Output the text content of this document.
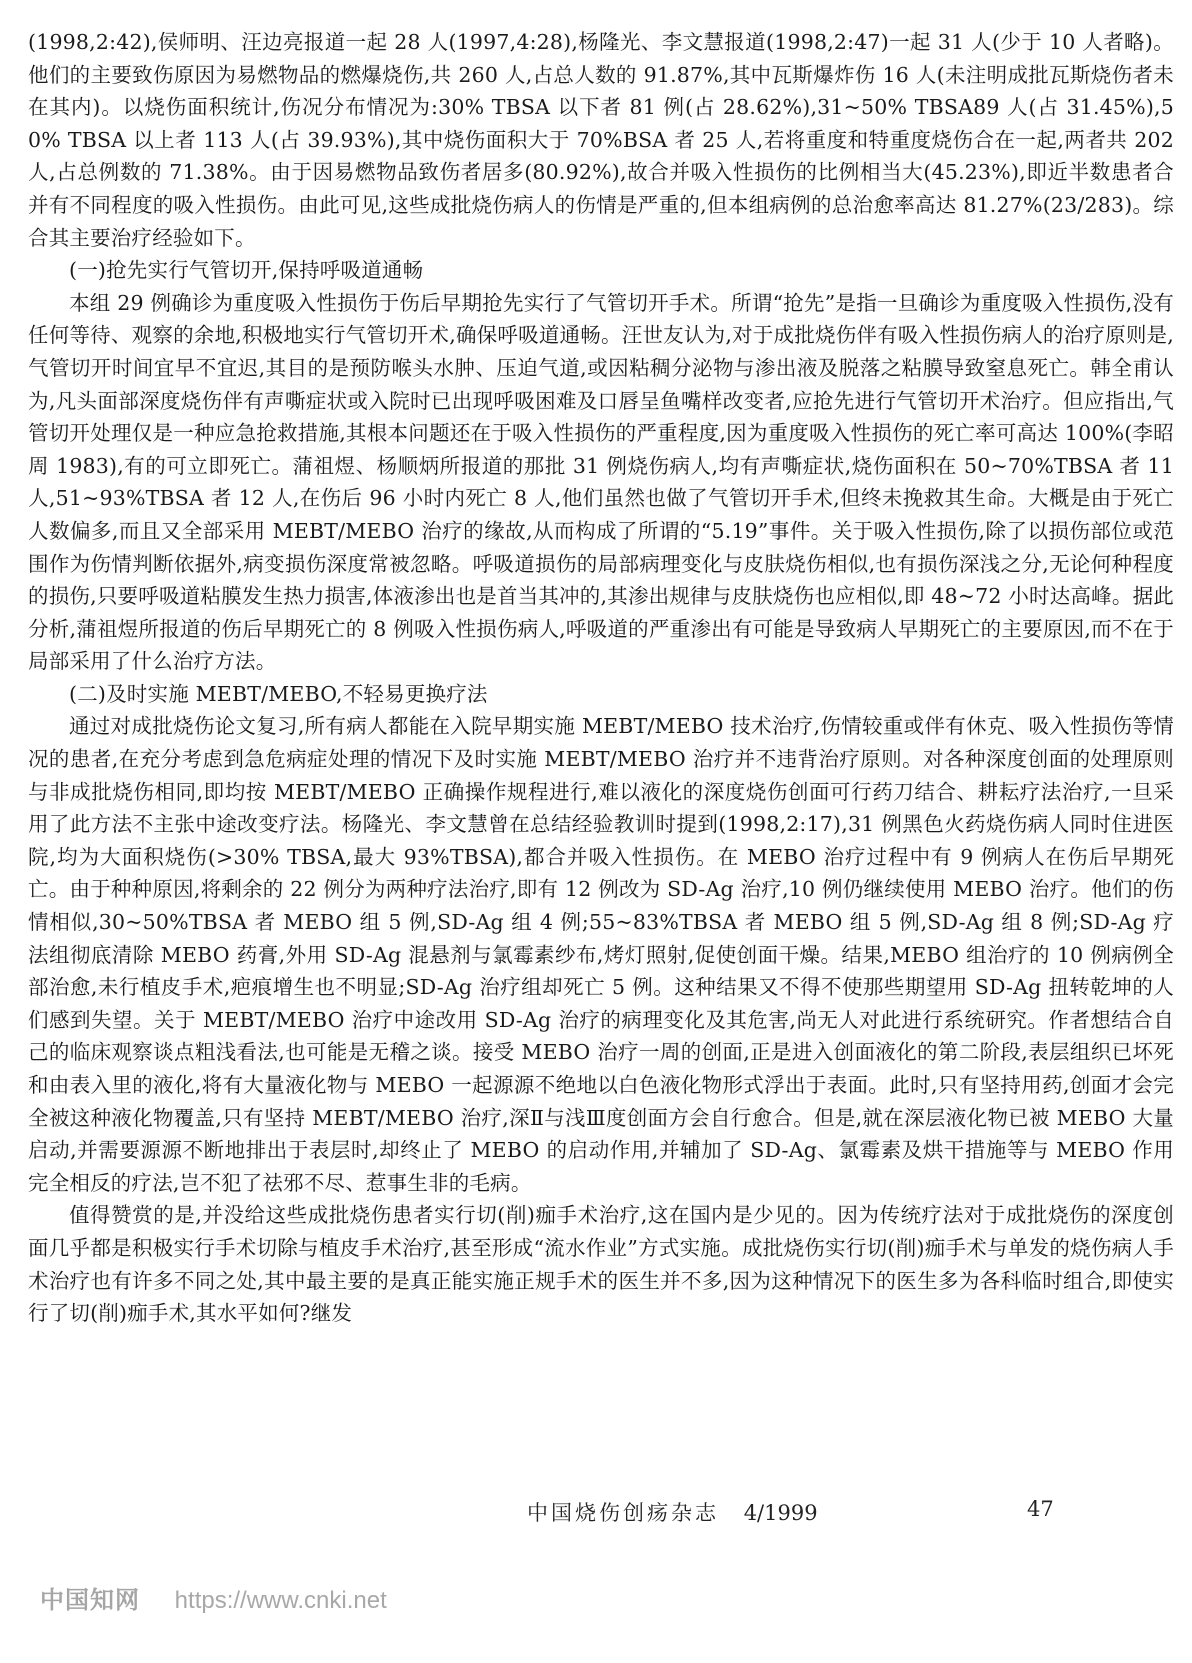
(1998,2:42),侯师明、汪边亮报道一起 28 人(1997,4:28),杨隆光、李文慧报道(1998,2:47)一起 31 人(少于 10 人者略)。他们的主要致伤原因为易燃物品的燃爆烧伤,共 260 人,占总人数的 91.87%,其中瓦斯爆炸伤 16 人(未注明成批瓦斯烧伤者未在其内)。以烧伤面积统计,伤况分布情况为:30% TBSA 以下者 81 例(占 28.62%),31~50% TBSA89 人(占 31.45%),50% TBSA 以上者 113 人(占 39.93%),其中烧伤面积大于 70%BSA 者 25 人,若将重度和特重度烧伤合在一起,两者共 202 人,占总例数的 71.38%。由于因易燃物品致伤者居多(80.92%),故合并吸入性损伤的比例相当大(45.23%),即近半数患者合并有不同程度的吸入性损伤。由此可见,这些成批烧伤病人的伤情是严重的,但本组病例的总治愈率高达 81.27%(23/283)。综合其主要治疗经验如下。

(一)抢先实行气管切开,保持呼吸道通畅

本组 29 例确诊为重度吸入性损伤于伤后早期抢先实行了气管切开手术。所谓“抢先”是指一旦确诊为重度吸入性损伤,没有任何等待、观察的余地,积极地实行气管切开术,确保呼吸道通畅。汪世友认为,对于成批烧伤伴有吸入性损伤病人的治疗原则是,气管切开时间宜早不宜迟,其目的是预防喉头水肿、压迫气道,或因粘稠分泌物与渗出液及脱落之粘膜导致窒息死亡。韩全甫认为,凡头面部深度烧伤伴有声嘶症状或入院时已出现呼吸困难及口唇呈鱼嘴样改变者,应抢先进行气管切开术治疗。但应指出,气管切开处理仅是一种应急抢救措施,其根本问题还在于吸入性损伤的严重程度,因为重度吸入性损伤的死亡率可高达 100%(李昭周 1983),有的可立即死亡。蒲祖煜、杨顺炳所报道的那批 31 例烧伤病人,均有声嘶症状,烧伤面积在 50~70%TBSA 者 11 人,51~93%TBSA 者 12 人,在伤后 96 小时内死亡 8 人,他们虽然也做了气管切开手术,但终未挽救其生命。大概是由于死亡人数偏多,而且又全部采用 MEBT/MEBO 治疗的缘故,从而构成了所谓的“5.19”事件。关于吸入性损伤,除了以损伤部位或范围作为伤情判断依据外,病变损伤深度常被忽略。呼吸道损伤的局部病理变化与皮肤烧伤相似,也有损伤深浅之分,无论何种程度的损伤,只要呼吸道粘膜发生热力损害,体液渗出也是首当其冲的,其渗出规律与皮肤烧伤也应相似,即 48~72 小时达高峰。据此分析,蒲祖煜所报道的伤后早期死亡的 8 例吸入性损伤病人,呼吸道的严重渗出有可能是导致病人早期死亡的主要原因,而不在于局部采用了什么治疗方法。

(二)及时实施 MEBT/MEBO,不轻易更换疗法

通过对成批烧伤论文复习,所有病人都能在入院早期实施 MEBT/MEBO 技术治疗,伤情较重或伴有休克、吸入性损伤等情况的患者,在充分考虑到急危病症处理的情况下及时实施 MEBT/MEBO 治疗并不违背治疗原则。对各种深度创面的处理原则与非成批烧伤相同,即均按 MEBT/MEBO 正确操作规程进行,难以液化的深度烧伤创面可行药刀结合、耕耘疗法治疗,一旦采用了此方法不主张中途改变疗法。杨隆光、李文慧曾在总结经验教训时提到(1998,2:17),31 例黑色火药烧伤病人同时住进医院,均为大面积烧伤(>30% TBSA,最大 93%TBSA),都合并吸入性损伤。在 MEBO 治疗过程中有 9 例病人在伤后早期死亡。由于种种原因,将剩余的 22 例分为两种疗法治疗,即有 12 例改为 SD-Ag 治疗,10 例仍继续使用 MEBO 治疗。他们的伤情相似,30~50%TBSA 者 MEBO 组 5 例,SD-Ag 组 4 例;55~83%TBSA 者 MEBO 组 5 例,SD-Ag 组 8 例;SD-Ag 疗法组彻底清除 MEBO 药膏,外用 SD-Ag 混悬剂与氯霉素纱布,烤灯照射,促使创面干燥。结果,MEBO 组治疗的 10 例病例全部治愈,未行植皮手术,疤痕增生也不明显;SD-Ag 治疗组却死亡 5 例。这种结果又不得不使那些期望用 SD-Ag 扭转乾坤的人们感到失望。关于 MEBT/MEBO 治疗中途改用 SD-Ag 治疗的病理变化及其危害,尚无人对此进行系统研究。作者想结合自己的临床观察谈点粗浅看法,也可能是无稽之谈。接受 MEBO 治疗一周的创面,正是进入创面液化的第二阶段,表层组织已坏死和由表入里的液化,将有大量液化物与 MEBO 一起源源不绝地以白色液化物形式浮出于表面。此时,只有坚持用药,创面才会完全被这种液化物覆盖,只有坚持 MEBT/MEBO 治疗,深Ⅱ与浅Ⅲ度创面方会自行愈合。但是,就在深层液化物已被 MEBO 大量启动,并需要源源不断地排出于表层时,却终止了 MEBO 的启动作用,并辅加了 SD-Ag、氯霉素及烘干措施等与 MEBO 作用完全相反的疗法,岂不犯了祛邪不尽、惹事生非的毛病。

值得赞赏的是,并没给这些成批烧伤患者实行切(削)痂手术治疗,这在国内是少见的。因为传统疗法对于成批烧伤的深度创面几乎都是积极实行手术切除与植皮手术治疗,甚至形成“流水作业”方式实施。成批烧伤实行切(削)痂手术与单发的烧伤病人手术治疗也有许多不同之处,其中最主要的是真正能实施正规手术的医生并不多,因为这种情况下的医生多为各科临时组合,即使实行了切(削)痂手术,其水平如何?继发

中国烧伤创疡杂志 4/1999	47
中国知网 https://www.cnki.net
